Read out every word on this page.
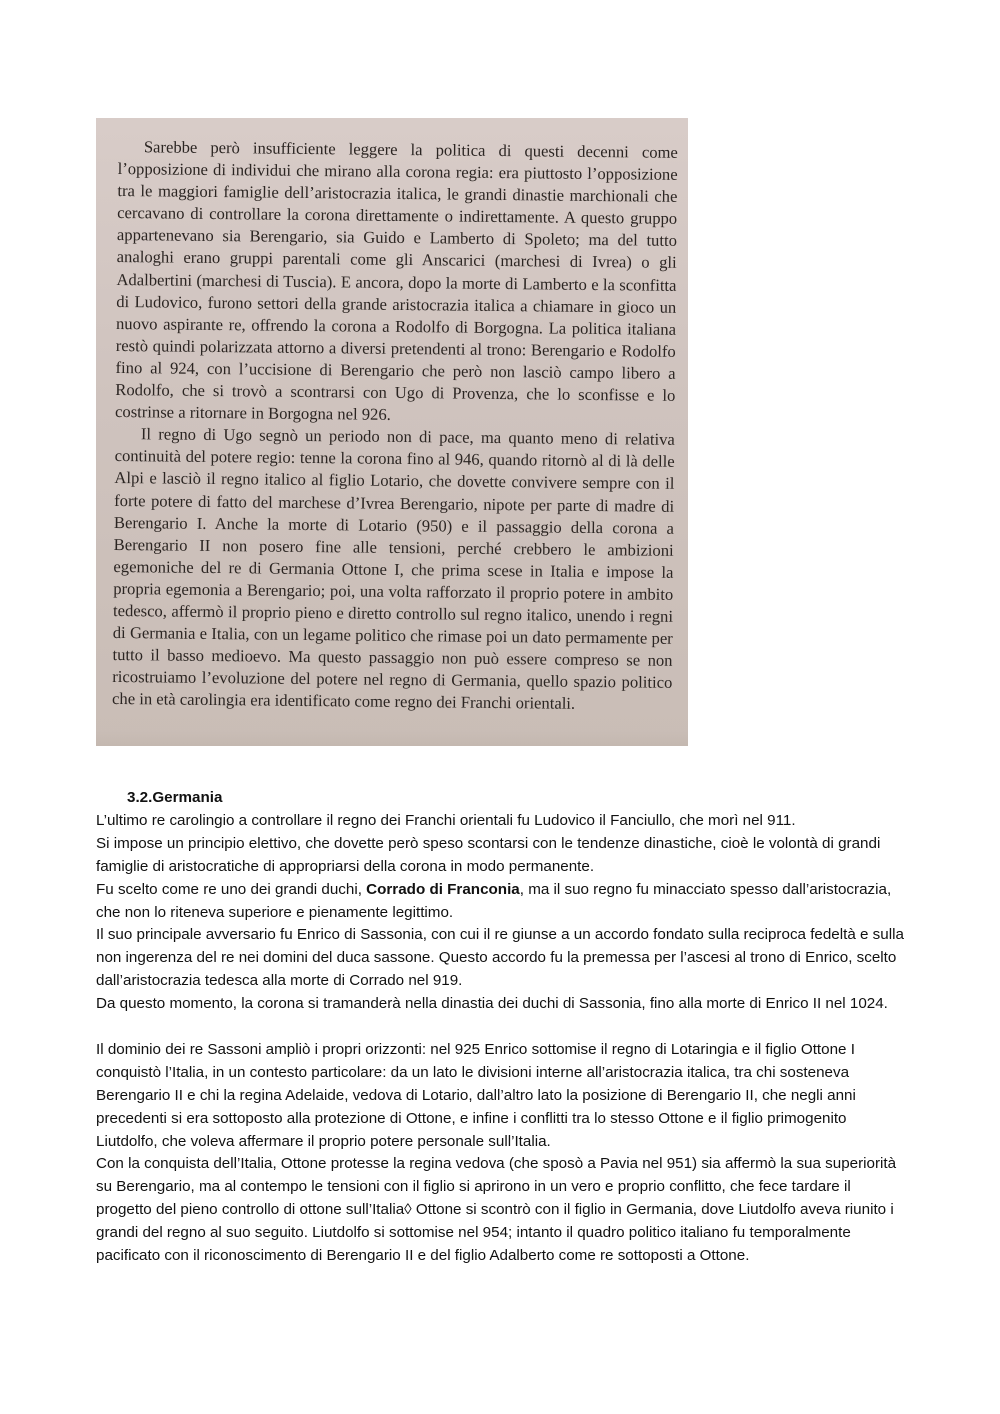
Sarebbe però insufficiente leggere la politica di questi decenni come l’opposizione di individui che mirano alla corona regia: era piuttosto l’opposizione tra le maggiori famiglie dell’aristocrazia italica, le grandi dinastie marchionali che cercavano di controllare la corona direttamente o indirettamente. A questo gruppo appartenevano sia Berengario, sia Guido e Lamberto di Spoleto; ma del tutto analoghi erano gruppi parentali come gli Anscarici (marchesi di Ivrea) o gli Adalbertini (marchesi di Tuscia). E ancora, dopo la morte di Lamberto e la sconfitta di Ludovico, furono settori della grande aristocrazia italica a chiamare in gioco un nuovo aspirante re, offrendo la corona a Rodolfo di Borgogna. La politica italiana restò quindi polarizzata attorno a diversi pretendenti al trono: Berengario e Rodolfo fino al 924, con l’uccisione di Berengario che però non lasciò campo libero a Rodolfo, che si trovò a scontrarsi con Ugo di Provenza, che lo sconfisse e lo costrinse a ritornare in Borgogna nel 926.

Il regno di Ugo segnò un periodo non di pace, ma quanto meno di relativa continuità del potere regio: tenne la corona fino al 946, quando ritornò al di là delle Alpi e lasciò il regno italico al figlio Lotario, che dovette convivere sempre con il forte potere di fatto del marchese d’Ivrea Berengario, nipote per parte di madre di Berengario I. Anche la morte di Lotario (950) e il passaggio della corona a Berengario II non posero fine alle tensioni, perché crebbero le ambizioni egemoniche del re di Germania Ottone I, che prima scese in Italia e impose la propria egemonia a Berengario; poi, una volta rafforzato il proprio potere in ambito tedesco, affermò il proprio pieno e diretto controllo sul regno italico, unendo i regni di Germania e Italia, con un legame politico che rimase poi un dato permamente per tutto il basso medioevo. Ma questo passaggio non può essere compreso se non ricostruiamo l’evoluzione del potere nel regno di Germania, quello spazio politico che in età carolingia era identificato come regno dei Franchi orientali.

3.2.Germania

L’ultimo re carolingio a controllare il regno dei Franchi orientali fu Ludovico il Fanciullo, che morì nel 911.

Si impose un principio elettivo, che dovette però speso scontarsi con le tendenze dinastiche, cioè le volontà di grandi famiglie di aristocratiche di appropriarsi della corona in modo permanente.

Fu scelto come re uno dei grandi duchi, Corrado di Franconia, ma il suo regno fu minacciato spesso dall’aristocrazia, che non lo riteneva superiore e pienamente legittimo.

Il suo principale avversario fu Enrico di Sassonia, con cui il re giunse a un accordo fondato sulla reciproca fedeltà e sulla non ingerenza del re nei domini del duca sassone. Questo accordo fu la premessa per l’ascesi al trono di Enrico, scelto dall’aristocrazia tedesca alla morte di Corrado nel 919.

Da questo momento, la corona si tramanderà nella dinastia dei duchi di Sassonia, fino alla morte di Enrico II nel 1024.

Il dominio dei re Sassoni ampliò i propri orizzonti: nel 925 Enrico sottomise il regno di Lotaringia e il figlio Ottone I conquistò l’Italia, in un contesto particolare: da un lato le divisioni interne all’aristocrazia italica, tra chi sosteneva Berengario II e chi la regina Adelaide, vedova di Lotario, dall’altro lato la posizione di Berengario II, che negli anni precedenti si era sottoposto alla protezione di Ottone, e infine i conflitti tra lo stesso Ottone e il figlio primogenito Liutdolfo, che voleva affermare il proprio potere personale sull’Italia.

Con la conquista dell’Italia, Ottone protesse la regina vedova (che sposò a Pavia nel 951) sia affermò la sua superiorità su Berengario, ma al contempo le tensioni con il figlio si aprirono in un vero e proprio conflitto, che fece tardare il progetto del pieno controllo di ottone sull’Italia◊ Ottone si scontrò con il figlio in Germania, dove Liutdolfo aveva riunito i grandi del regno al suo seguito. Liutdolfo si sottomise nel 954; intanto il quadro politico italiano fu temporalmente pacificato con il riconoscimento di Berengario II e del figlio Adalberto come re sottoposti a Ottone.
